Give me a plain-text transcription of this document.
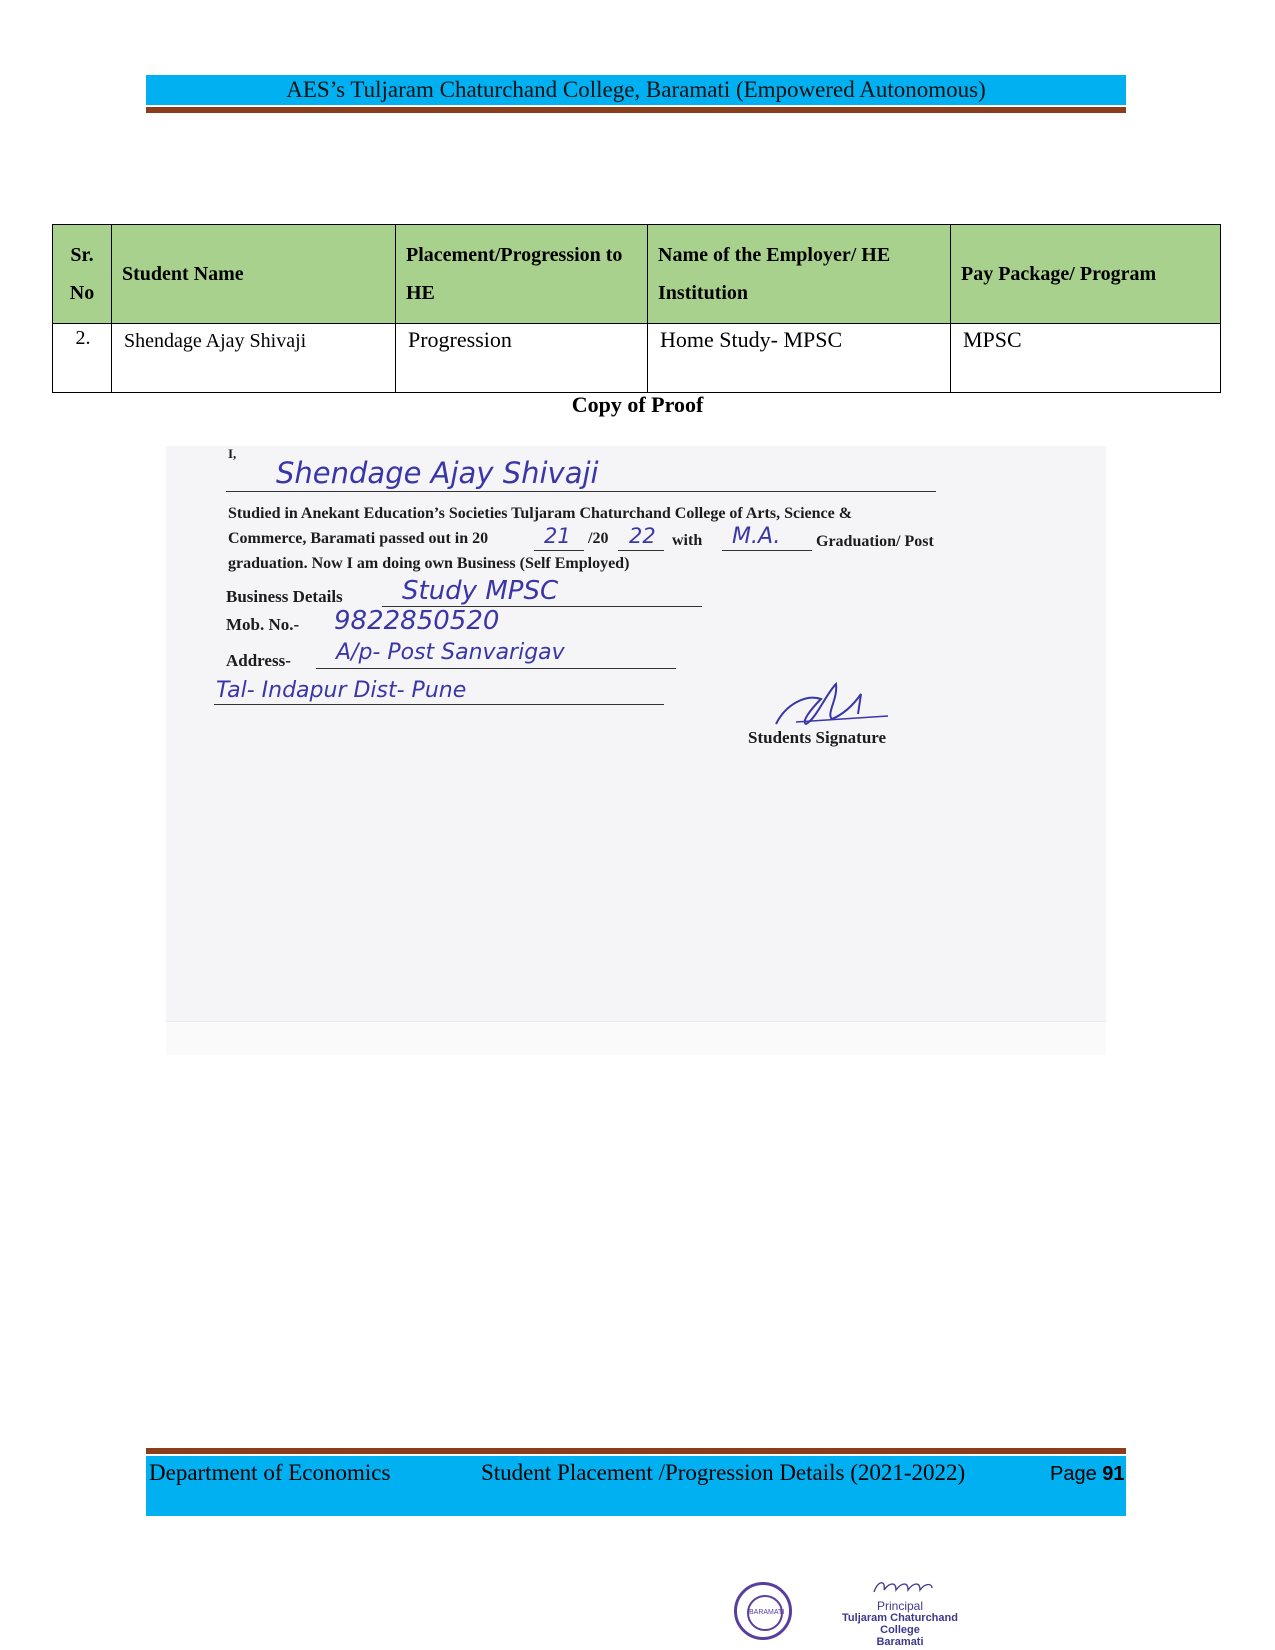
AES’s Tuljaram Chaturchand College, Baramati (Empowered Autonomous)
Sr. No	Student Name	Placement/Progression to HE	Name of the Employer/ HE Institution	Pay Package/ Program
2.	Shendage Ajay Shivaji	Progression	Home Study- MPSC	MPSC
Copy of Proof
I,
Shendage Ajay Shivaji
Studied in Anekant Education’s Societies Tuljaram Chaturchand College of Arts, Science &
Commerce, Baramati passed out in 20	21 /20 22 with M.A. Graduation/ Post
graduation. Now I am doing own Business (Self Employed)
Business Details Study MPSC
Mob. No.- 9822850520
Address- A/p- Post Sanvarigav
Tal- Indapur Dist- Pune
Students Signature
Department of Economics	Student Placement /Progression Details (2021-2022)	Page 91
BARAMATI	Principal
Tuljaram Chaturchand College
Baramati
